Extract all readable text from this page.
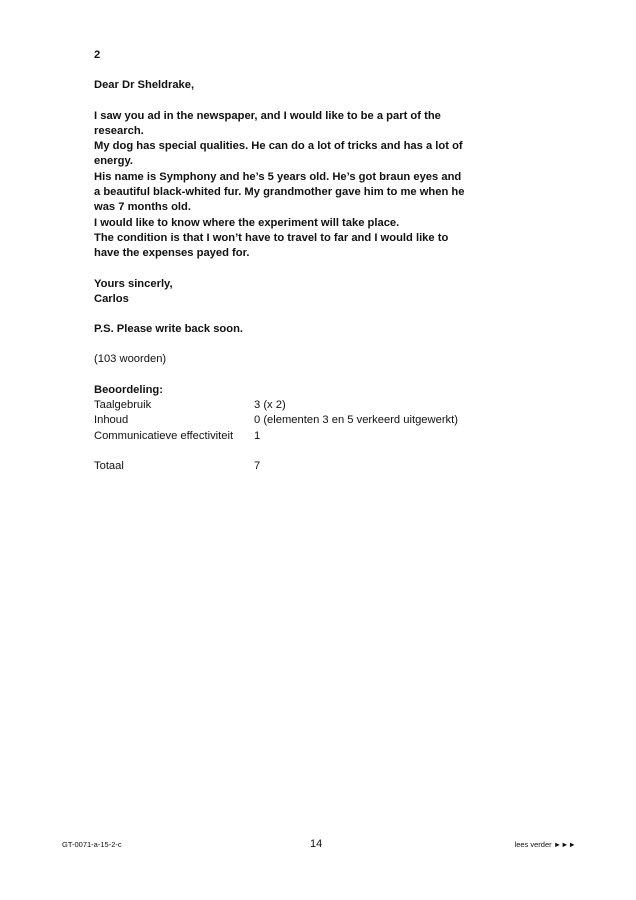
2

Dear Dr Sheldrake,

I saw you ad in the newspaper, and I would like to be a part of the
research.
My dog has special qualities. He can do a lot of tricks and has a lot of
energy.
His name is Symphony and he’s 5 years old. He’s got braun eyes and
a beautiful black-whited fur. My grandmother gave him to me when he
was 7 months old.
I would like to know where the experiment will take place.
The condition is that I won’t have to travel to far and I would like to
have the expenses payed for.

Yours sincerly,

Carlos

P.S. Please write back soon.

(103 woorden)

Beoordeling:

Taalgebruik	3 (x 2)
Inhoud	0 (elementen 3 en 5 verkeerd uitgewerkt)
Communicatieve effectiviteit	1
Totaal	7
GT-0071-a-15-2-c	14	lees verder ►►►
